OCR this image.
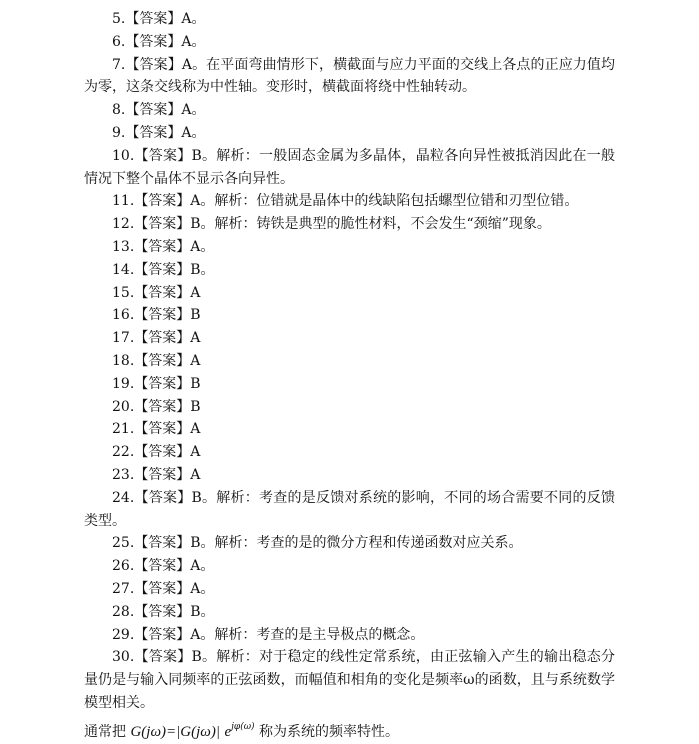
5.【答案】A。
6.【答案】A。
7.【答案】A。在平面弯曲情形下，横截面与应力平面的交线上各点的正应力值均为零，这条交线称为中性轴。变形时，横截面将绕中性轴转动。
8.【答案】A。
9.【答案】A。
10.【答案】B。解析：一般固态金属为多晶体，晶粒各向异性被抵消因此在一般情况下整个晶体不显示各向异性。
11.【答案】A。解析：位错就是晶体中的线缺陷包括螺型位错和刃型位错。
12.【答案】B。解析：铸铁是典型的脆性材料，不会发生“颈缩”现象。
13.【答案】A。
14.【答案】B。
15.【答案】A
16.【答案】B
17.【答案】A
18.【答案】A
19.【答案】B
20.【答案】B
21.【答案】A
22.【答案】A
23.【答案】A
24.【答案】B。解析：考查的是反馈对系统的影响，不同的场合需要不同的反馈类型。
25.【答案】B。解析：考查的是的微分方程和传递函数对应关系。
26.【答案】A。
27.【答案】A。
28.【答案】B。
29.【答案】A。解析：考查的是主导极点的概念。
30.【答案】B。解析：对于稳定的线性定常系统，由正弦输入产生的输出稳态分量仍是与输入同频率的正弦函数，而幅值和相角的变化是频率ω的函数，且与系统数学模型相关。
通常把 G(jω)=|G(jω)| $e^{j\varphi(\omega)}$ 称为系统的频率特性。
